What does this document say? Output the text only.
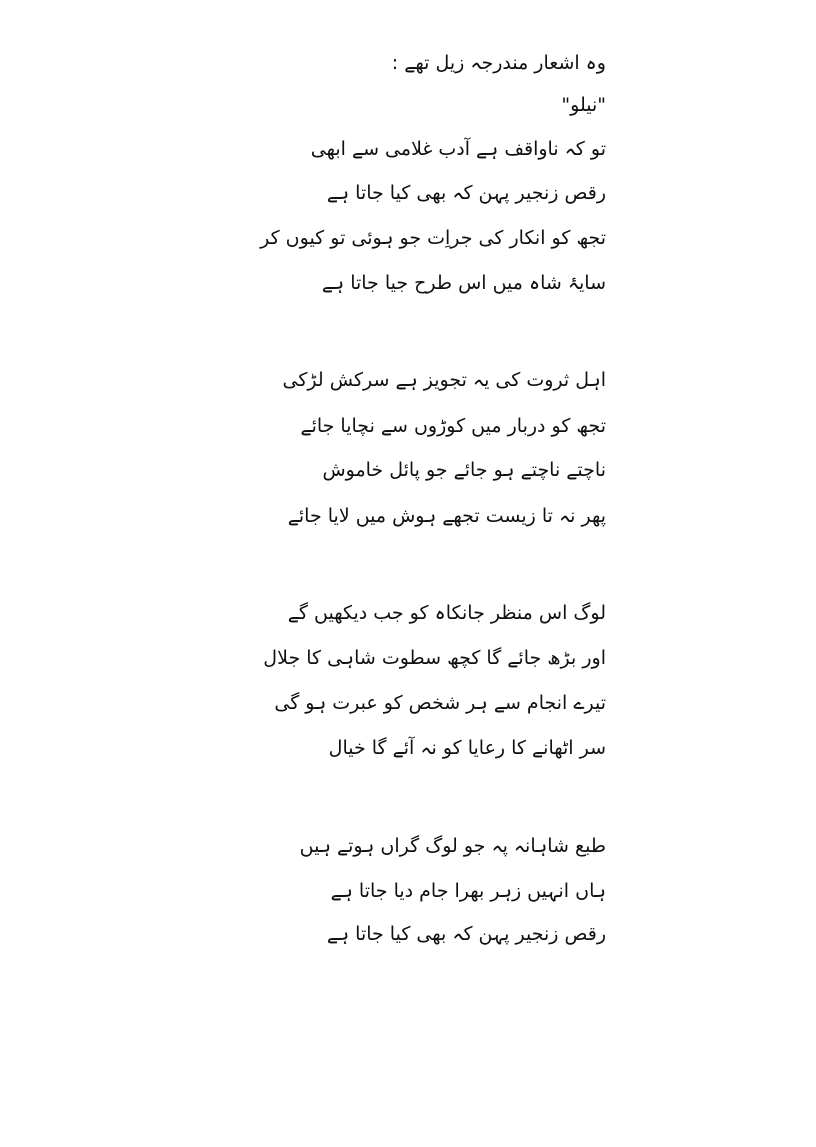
وہ اشعار مندرجہ زیل تھے :
"نیلو"
تو کہ ناواقف ہے آدب غلامی سے ابھی
رقص زنجیر پہن کہ بھی کیا جاتا ہے
تجھ کو انکار کی جراِت جو ہوئی تو کیوں کر
سایۂ شاہ میں اس طرح جیا جاتا ہے
اہل ثروت کی یہ تجویز ہے سرکش لڑکی
تجھ کو دربار میں کوڑوں سے نچایا جائے
ناچتے ناچتے ہو جائے جو پائل خاموش
پھر نہ تا زیست تجھے ہوش میں لایا جائے
لوگ اس منظر جانکاہ کو جب دیکھیں گے
اور بڑھ جائے گا کچھ سطوت شاہی کا جلال
تیرے انجام سے ہر شخص کو عبرت ہو گی
سر اٹھانے کا رعایا کو نہ آئے گا خیال
طبع شاہانہ پہ جو لوگ گراں ہوتے ہیں
ہاں انہیں زہر بھرا جام دیا جاتا ہے
رقص زنجیر پہن کہ بھی کیا جاتا ہے
